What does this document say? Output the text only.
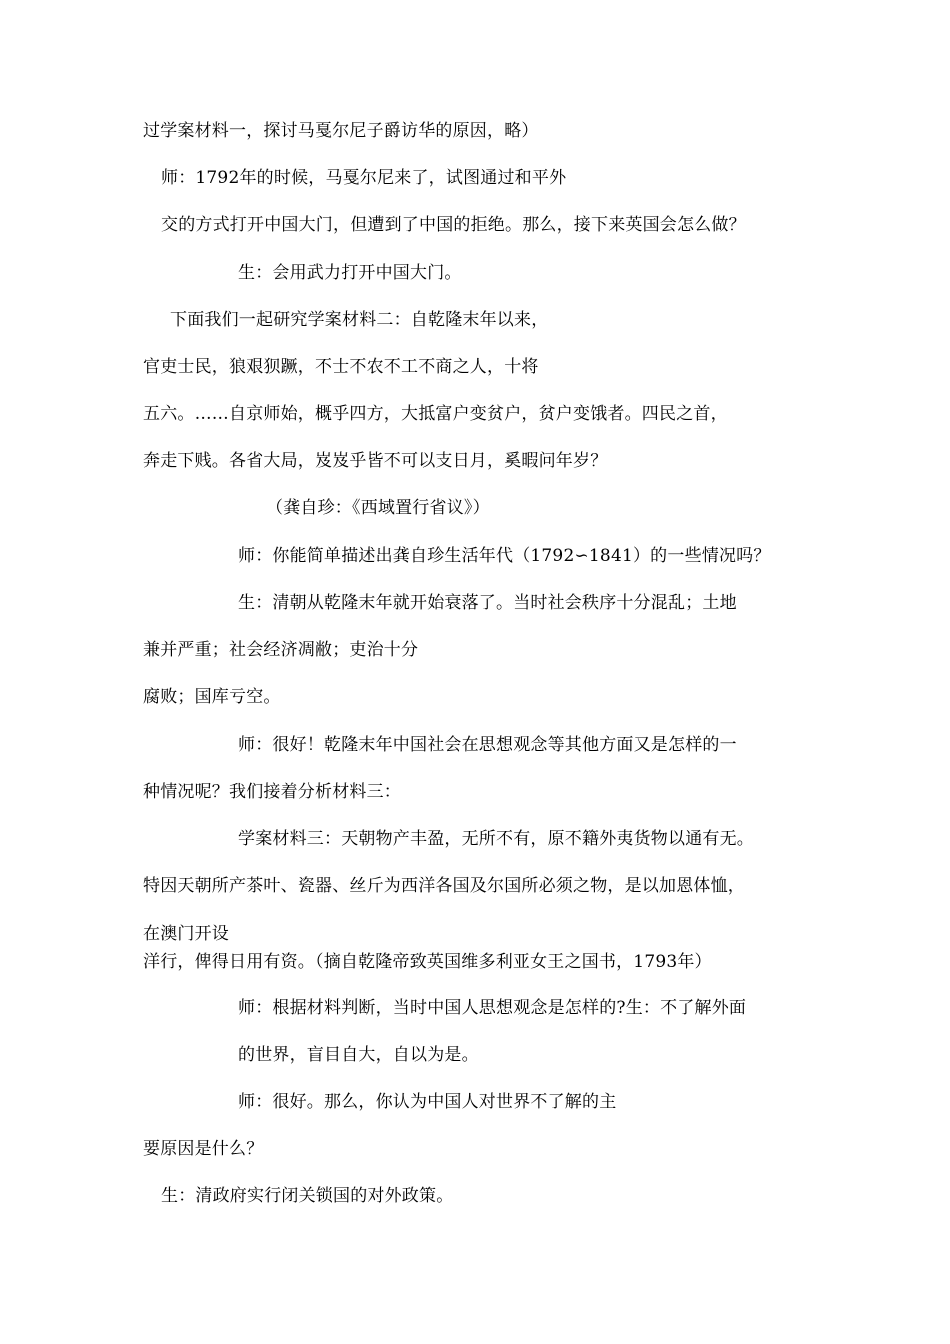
过学案材料一，探讨马戛尔尼子爵访华的原因，略）
师：1792年的时候，马戛尔尼来了，试图通过和平外
交的方式打开中国大门，但遭到了中国的拒绝。那么，接下来英国会怎么做？
生：会用武力打开中国大门。
下面我们一起研究学案材料二：自乾隆末年以来，
官吏士民，狼艰狈蹶，不士不农不工不商之人，十将
五六。……自京师始，概乎四方，大抵富户变贫户，贫户变饿者。四民之首，
奔走下贱。各省大局，岌岌乎皆不可以支日月，奚暇问年岁？
（龚自珍：《西域置行省议》）
师：你能简单描述出龚自珍生活年代（1792∽1841）的一些情况吗？
生：清朝从乾隆末年就开始衰落了。当时社会秩序十分混乱；土地
兼并严重；社会经济凋敝；吏治十分
腐败；国库亏空。
师：很好！乾隆末年中国社会在思想观念等其他方面又是怎样的一
种情况呢？我们接着分析材料三：
学案材料三：天朝物产丰盈，无所不有，原不籍外夷货物以通有无。
特因天朝所产茶叶、瓷器、丝斤为西洋各国及尔国所必须之物，是以加恩体恤，
在澳门开设
洋行，俾得日用有资。（摘自乾隆帝致英国维多利亚女王之国书，1793年）
师：根据材料判断，当时中国人思想观念是怎样的?生：不了解外面
的世界，盲目自大，自以为是。
师：很好。那么，你认为中国人对世界不了解的主
要原因是什么？
生：清政府实行闭关锁国的对外政策。
